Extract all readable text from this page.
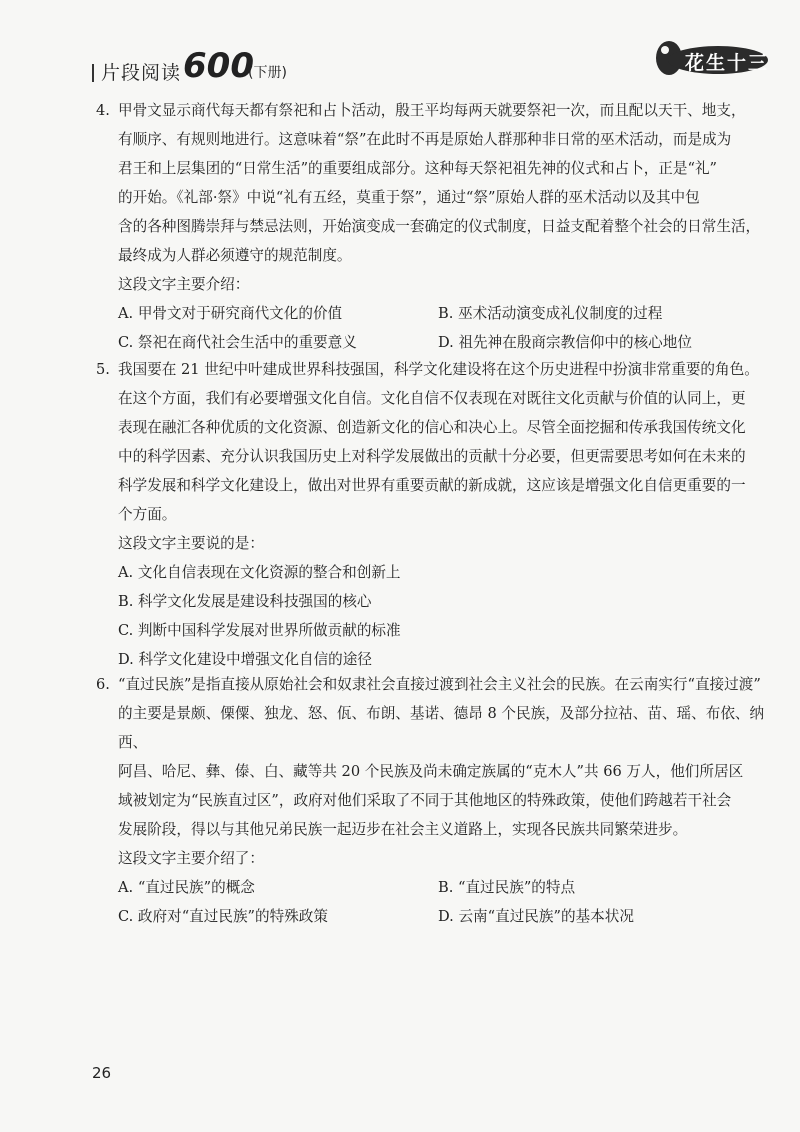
片段阅读 600
(下册)	花生十三
4. 甲骨文显示商代每天都有祭祀和占卜活动，殷王平均每两天就要祭祀一次，而且配以天干、地支，

有顺序、有规则地进行。这意味着“祭”在此时不再是原始人群那种非日常的巫术活动，而是成为

君王和上层集团的“日常生活”的重要组成部分。这种每天祭祀祖先神的仪式和占卜，正是“礼”

的开始。《礼部·祭》中说“礼有五经，莫重于祭”，通过“祭”原始人群的巫术活动以及其中包

含的各种图腾崇拜与禁忌法则，开始演变成一套确定的仪式制度，日益支配着整个社会的日常生活，

最终成为人群必须遵守的规范制度。

这段文字主要介绍：

A. 甲骨文对于研究商代文化的价值	B. 巫术活动演变成礼仪制度的过程
C. 祭祀在商代社会生活中的重要意义	D. 祖先神在殷商宗教信仰中的核心地位
5. 我国要在 21 世纪中叶建成世界科技强国，科学文化建设将在这个历史进程中扮演非常重要的角色。

在这个方面，我们有必要增强文化自信。文化自信不仅表现在对既往文化贡献与价值的认同上，更

表现在融汇各种优质的文化资源、创造新文化的信心和决心上。尽管全面挖掘和传承我国传统文化

中的科学因素、充分认识我国历史上对科学发展做出的贡献十分必要，但更需要思考如何在未来的

科学发展和科学文化建设上，做出对世界有重要贡献的新成就，这应该是增强文化自信更重要的一

个方面。

这段文字主要说的是：

A. 文化自信表现在文化资源的整合和创新上
B. 科学文化发展是建设科技强国的核心
C. 判断中国科学发展对世界所做贡献的标准
D. 科学文化建设中增强文化自信的途径
6. “直过民族”是指直接从原始社会和奴隶社会直接过渡到社会主义社会的民族。在云南实行“直接过渡”

的主要是景颇、傈僳、独龙、怒、佤、布朗、基诺、德昂 8 个民族，及部分拉祜、苗、瑶、布依、纳西、

阿昌、哈尼、彝、傣、白、藏等共 20 个民族及尚未确定族属的“克木人”共 66 万人，他们所居区

域被划定为“民族直过区”，政府对他们采取了不同于其他地区的特殊政策，使他们跨越若干社会

发展阶段，得以与其他兄弟民族一起迈步在社会主义道路上，实现各民族共同繁荣进步。

这段文字主要介绍了：

A. “直过民族”的概念	B. “直过民族”的特点
C. 政府对“直过民族”的特殊政策	D. 云南“直过民族”的基本状况
26
